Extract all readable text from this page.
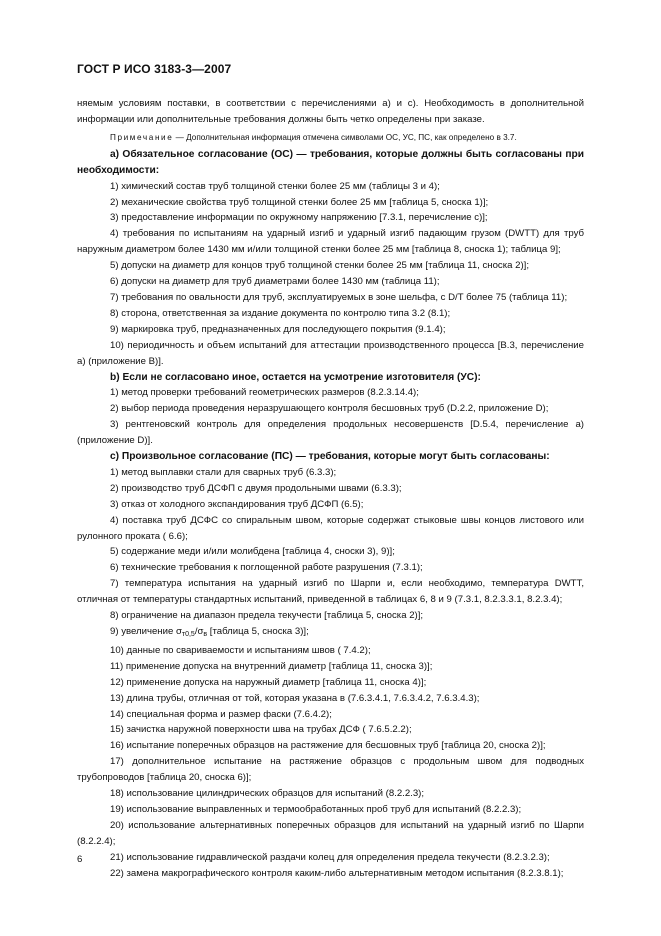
ГОСТ Р ИСО 3183-3—2007

няемым условиям поставки, в соответствии с перечислениями а) и с). Необходимость в дополнительной информации или дополнительные требования должны быть четко определены при заказе.

Примечание — Дополнительная информация отмечена символами ОС, УС, ПС, как определено в 3.7.

а) Обязательное согласование (ОС) — требования, которые должны быть согласованы при необходимости:

1) химический состав труб толщиной стенки более 25 мм (таблицы 3 и 4);

2) механические свойства труб толщиной стенки более 25 мм [таблица 5, сноска 1)];

3) предоставление информации по окружному напряжению [7.3.1, перечисление с)];

4) требования по испытаниям на ударный изгиб и ударный изгиб падающим грузом (DWTT) для труб наружным диаметром более 1430 мм и/или толщиной стенки более 25 мм [таблица 8, сноска 1); таблица 9];

5) допуски на диаметр для концов труб толщиной стенки более 25 мм [таблица 11, сноска 2)];

6) допуски на диаметр для труб диаметрами более 1430 мм (таблица 11);

7) требования по овальности для труб, эксплуатируемых в зоне шельфа, с D/T более 75 (таблица 11);

8) сторона, ответственная за издание документа по контролю типа 3.2 (8.1);

9) маркировка труб, предназначенных для последующего покрытия (9.1.4);

10) периодичность и объем испытаний для аттестации производственного процесса [В.3, перечисление а) (приложение В)].

b) Если не согласовано иное, остается на усмотрение изготовителя (УС):

1) метод проверки требований геометрических размеров (8.2.3.14.4);

2) выбор периода проведения неразрушающего контроля бесшовных труб (D.2.2, приложение D);

3) рентгеновский контроль для определения продольных несовершенств [D.5.4, перечисление а) (приложение D)].

с) Произвольное согласование (ПС) — требования, которые могут быть согласованы:

1) метод выплавки стали для сварных труб (6.3.3);

2) производство труб ДСФП с двумя продольными швами (6.3.3);

3) отказ от холодного экспандирования труб ДСФП (6.5);

4) поставка труб ДСФС со спиральным швом, которые содержат стыковые швы концов листового или рулонного проката ( 6.6);

5) содержание меди и/или молибдена [таблица 4, сноски 3), 9)];

6) технические требования к поглощенной работе разрушения (7.3.1);

7) температура испытания на ударный изгиб по Шарпи и, если необходимо, температура DWTT, отличная от температуры стандартных испытаний, приведенной в таблицах 6, 8 и 9 (7.3.1, 8.2.3.3.1, 8.2.3.4);

8) ограничение на диапазон предела текучести [таблица 5, сноска 2)];

9) увеличение $\sigma_{т0,5}/\sigma_в$ [таблица 5, сноска 3)];

10) данные по свариваемости и испытаниям швов ( 7.4.2);

11) применение допуска на внутренний диаметр [таблица 11, сноска 3)];

12) применение допуска на наружный диаметр [таблица 11, сноска 4)];

13) длина трубы, отличная от той, которая указана в (7.6.3.4.1, 7.6.3.4.2, 7.6.3.4.3);

14) специальная форма и размер фаски (7.6.4.2);

15) зачистка наружной поверхности шва на трубах ДСФ ( 7.6.5.2.2);

16) испытание поперечных образцов на растяжение для бесшовных труб [таблица 20, сноска 2)];

17) дополнительное испытание на растяжение образцов с продольным швом для подводных трубопроводов [таблица 20, сноска 6)];

18) использование цилиндрических образцов для испытаний (8.2.2.3);

19) использование выправленных и термообработанных проб труб для испытаний (8.2.2.3);

20) использование альтернативных поперечных образцов для испытаний на ударный изгиб по Шарпи (8.2.2.4);

21) использование гидравлической раздачи колец для определения предела текучести (8.2.3.2.3);

22) замена макрографического контроля каким-либо альтернативным методом испытания (8.2.3.8.1);

6
